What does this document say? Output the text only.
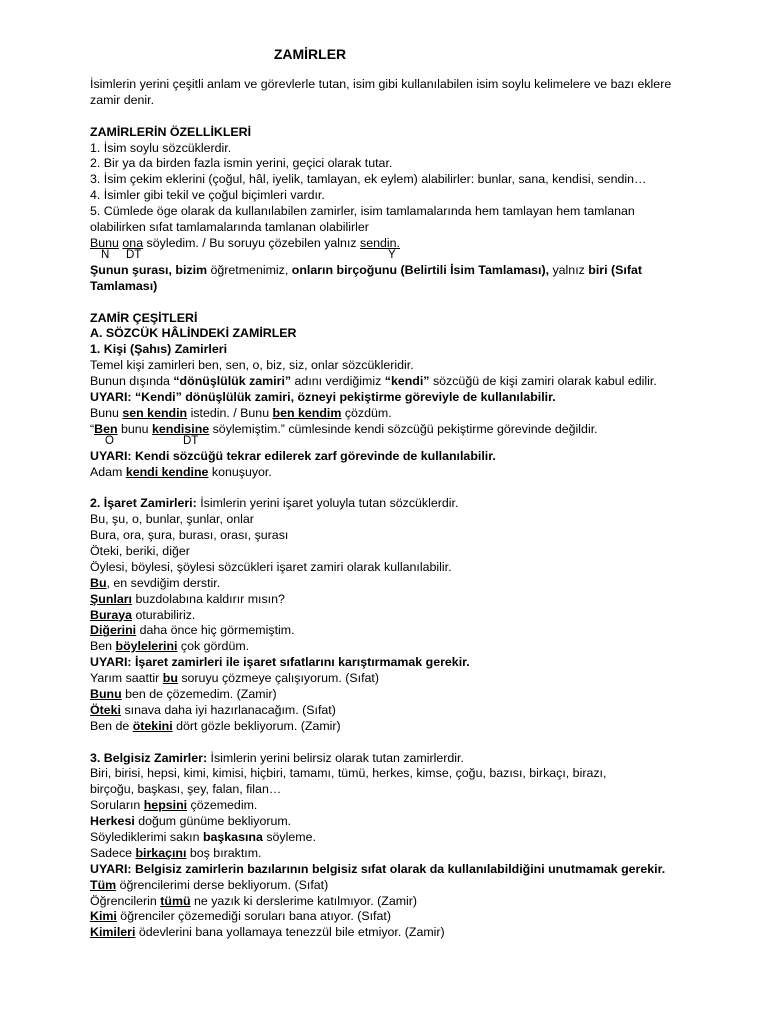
ZAMİRLER
İsimlerin yerini çeşitli anlam ve görevlerle tutan, isim gibi kullanılabilen isim soylu kelimelere ve bazı eklere zamir denir.
ZAMİRLERİN ÖZELLİKLERİ
1. İsim soylu sözcüklerdir.
2. Bir ya da birden fazla ismin yerini, geçici olarak tutar.
3. İsim çekim eklerini (çoğul, hâl, iyelik, tamlayan, ek eylem) alabilirler: bunlar, sana, kendisi, sendin…
4. İsimler gibi tekil ve çoğul biçimleri vardır.
5. Cümlede öge olarak da kullanılabilen zamirler, isim tamlamalarında hem tamlayan hem tamlanan
olabilirken sıfat tamlamalarında tamlanan olabilirler
Bunu ona söyledim. / Bu soruyu çözebilen yalnız sendin.
N DT	Y
Şunun şurası, bizim öğretmenimiz, onların birçoğunu (Belirtili İsim Tamlaması), yalnız biri (Sıfat
Tamlaması)
ZAMİR ÇEŞİTLERİ
A. SÖZCÜK HÂLİNDEKİ ZAMİRLER
1. Kişi (Şahıs) Zamirleri
Temel kişi zamirleri ben, sen, o, biz, siz, onlar sözcükleridir.
Bunun dışında “dönüşlülük zamiri” adını verdiğimiz “kendi” sözcüğü de kişi zamiri olarak kabul edilir.
UYARI: “Kendi” dönüşlülük zamiri, özneyi pekiştirme göreviyle de kullanılabilir.
Bunu sen kendin istedin. / Bunu ben kendim çözdüm.
“Ben bunu kendisine söylemiştim.” cümlesinde kendi sözcüğü pekiştirme görevinde değildir.
Ö	DT
UYARI: Kendi sözcüğü tekrar edilerek zarf görevinde de kullanılabilir.
Adam kendi kendine konuşuyor.
2. İşaret Zamirleri: İsimlerin yerini işaret yoluyla tutan sözcüklerdir.
Bu, şu, o, bunlar, şunlar, onlar
Bura, ora, şura, burası, orası, şurası
Öteki, beriki, diğer
Öylesi, böylesi, şöylesi sözcükleri işaret zamiri olarak kullanılabilir.
Bu, en sevdiğim derstir.
Şunları buzdolabına kaldırır mısın?
Buraya oturabiliriz.
Diğerini daha önce hiç görmemiştim.
Ben böylelerini çok gördüm.
UYARI: İşaret zamirleri ile işaret sıfatlarını karıştırmamak gerekir.
Yarım saattir bu soruyu çözmeye çalışıyorum. (Sıfat)
Bunu ben de çözemedim. (Zamir)
Öteki sınava daha iyi hazırlanacağım. (Sıfat)
Ben de ötekini dört gözle bekliyorum. (Zamir)
3. Belgisiz Zamirler: İsimlerin yerini belirsiz olarak tutan zamirlerdir.
Biri, birisi, hepsi, kimi, kimisi, hiçbiri, tamamı, tümü, herkes, kimse, çoğu, bazısı, birkaçı, birazı,
birçoğu, başkası, şey, falan, filan…
Soruların hepsini çözemedim.
Herkesi doğum günüme bekliyorum.
Söylediklerimi sakın başkasına söyleme.
Sadece birkaçını boş bıraktım.
UYARI: Belgisiz zamirlerin bazılarının belgisiz sıfat olarak da kullanılabildiğini unutmamak gerekir.
Tüm öğrencilerimi derse bekliyorum. (Sıfat)
Öğrencilerin tümü ne yazık ki derslerime katılmıyor. (Zamir)
Kimi öğrenciler çözemediği soruları bana atıyor. (Sıfat)
Kimileri ödevlerini bana yollamaya tenezzül bile etmiyor. (Zamir)
